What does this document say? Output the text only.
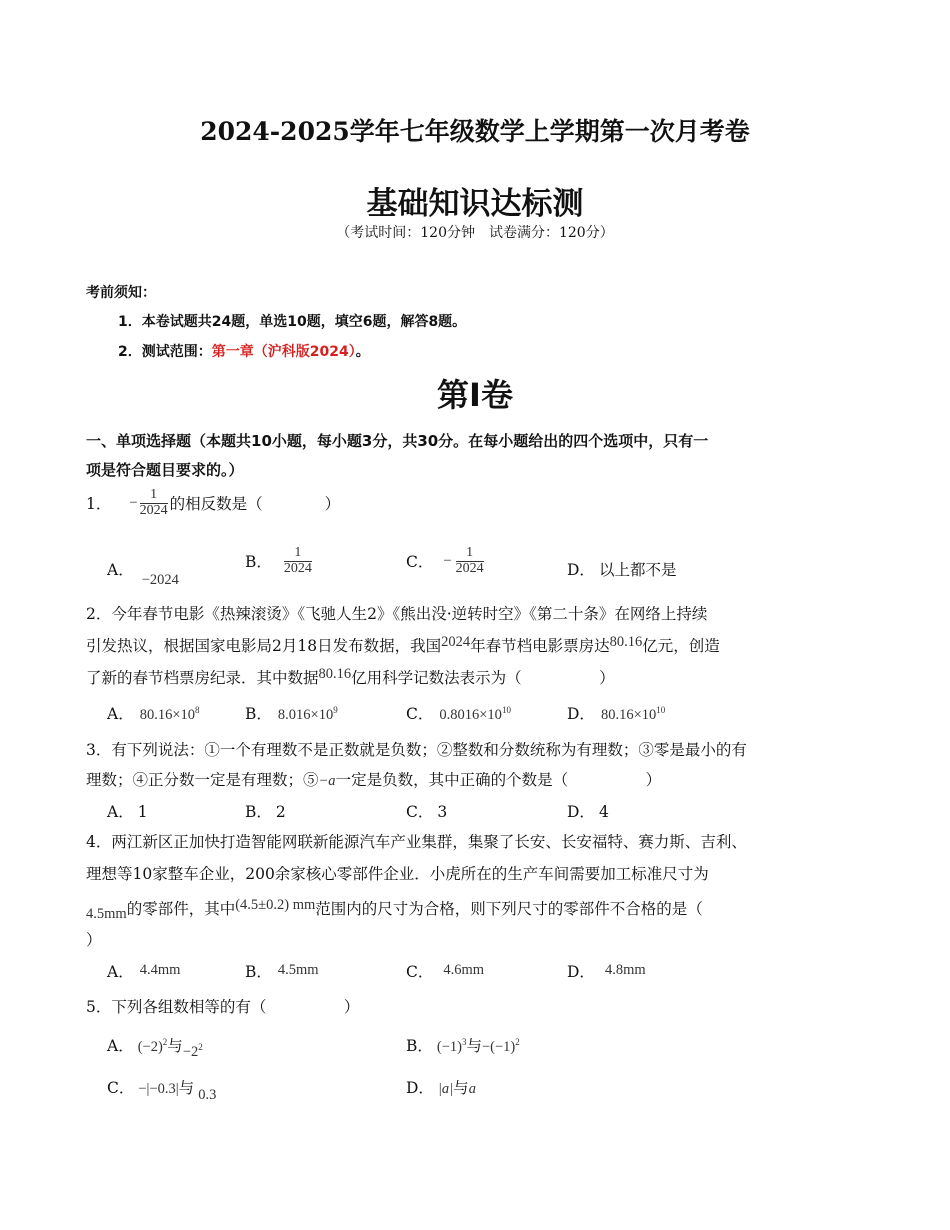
2024-2025学年七年级数学上学期第一次月考卷
基础知识达标测
（考试时间：120分钟　试卷满分：120分）
考前须知：
1．本卷试题共24题，单选10题，填空6题，解答8题。
2．测试范围：第一章（沪科版2024）。
第Ⅰ卷
一、单项选择题（本题共10小题，每小题3分，共30分。在每小题给出的四个选项中，只有一
项是符合题目要求的。）
1． − $\frac{1}{2024}$ 的相反数是（　　　　）
A．−2024
B． $\frac{1}{2024}$	C． − $\frac{1}{2024}$	D． 以上都不是
2．今年春节电影《热辣滚烫》《飞驰人生2》《熊出没·逆转时空》《第二十条》在网络上持续
引发热议，根据国家电影局2月18日发布数据，我国2024年春节档电影票房达80.16亿元，创造
了新的春节档票房纪录．其中数据80.16亿用科学记数法表示为（　　　　　）
A． $80.16\times 10^8$	B． $8.016\times 10^9$	C． $0.8016\times 10^{10}$	D． $80.16\times 10^{10}$
3．有下列说法：①一个有理数不是正数就是负数；②整数和分数统称为有理数；③零是最小的有
理数；④正分数一定是有理数；⑤−a一定是负数，其中正确的个数是（　　　　　）
A． 1	B． 2	C． 3	D． 4
4．两江新区正加快打造智能网联新能源汽车产业集群，集聚了长安、长安福特、赛力斯、吉利、
理想等10家整车企业，200余家核心零部件企业．小虎所在的生产车间需要加工标准尺寸为
4.5mm的零部件，其中(4.5±0.2) mm范围内的尺寸为合格，则下列尺寸的零部件不合格的是（
）
A． 4.4mm	B． 4.5mm	C． 4.6mm	D． 4.8mm
5．下列各组数相等的有（　　　　　）
A． $(-2)^2$与$-2^2$	B． $(-1)^3$与$-(-1)^2$
C． −|−0.3|与 0.3	D． |a|与a
